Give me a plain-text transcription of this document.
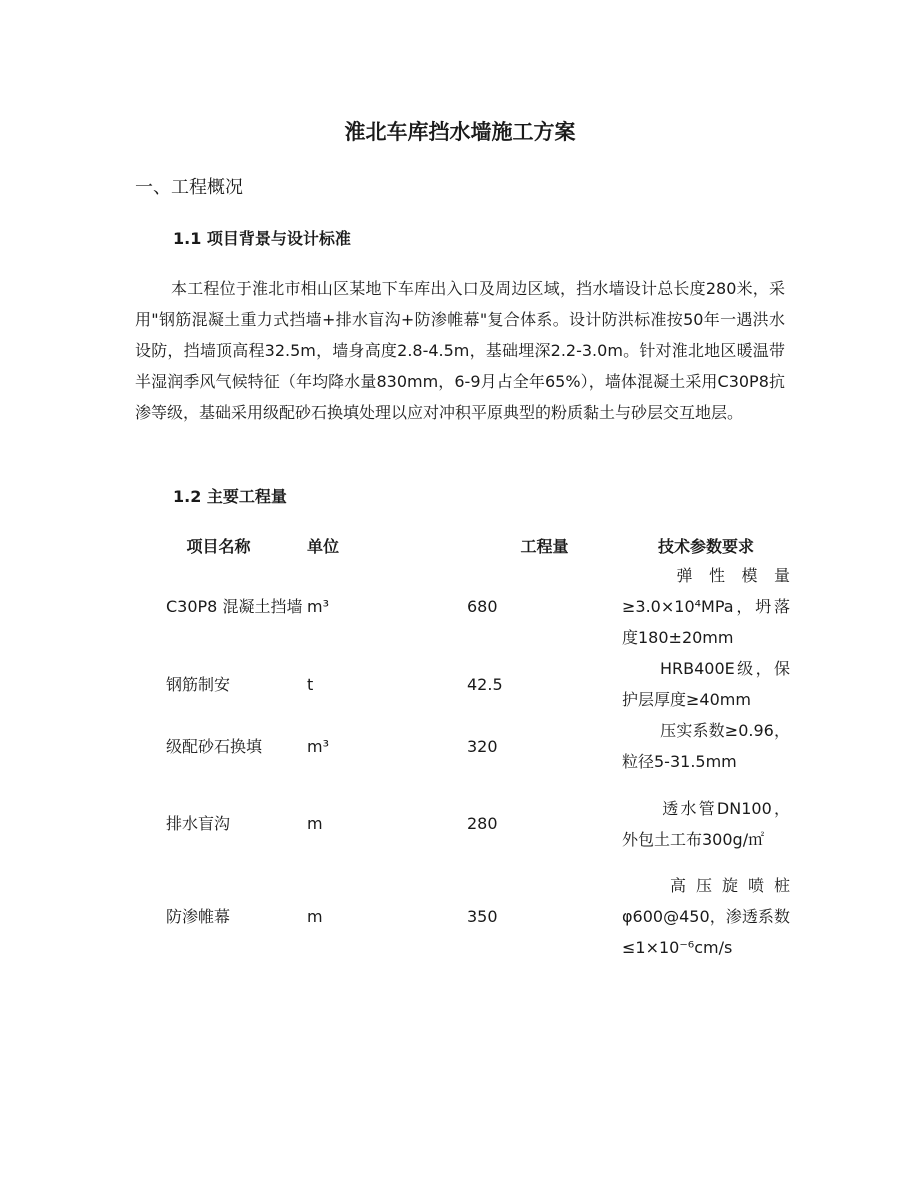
淮北车库挡水墙施工方案
一、工程概况
1.1 项目背景与设计标准

本工程位于淮北市相山区某地下车库出入口及周边区域，挡水墙设计总长度280米，采用"钢筋混凝土重力式挡墙+排水盲沟+防渗帷幕"复合体系。设计防洪标准按50年一遇洪水设防，挡墙顶高程32.5m，墙身高度2.8-4.5m，基础埋深2.2-3.0m。针对淮北地区暖温带半湿润季风气候特征（年均降水量830mm，6-9月占全年65%），墙体混凝土采用C30P8抗渗等级，基础采用级配砂石换填处理以应对冲积平原典型的粉质黏土与砂层交互地层。

1.2 主要工程量
项目名称	单位	工程量	技术参数要求
C30P8 混凝土挡墙	m³	680	弹性模量≥3.0×10⁴MPa，坍落度180±20mm
钢筋制安	t	42.5	HRB400E级，保护层厚度≥40mm
级配砂石换填	m³	320	压实系数≥0.96，粒径5-31.5mm
排水盲沟	m	280	透水管DN100，外包土工布300g/㎡
防渗帷幕	m	350	高压旋喷桩φ600@450，渗透系数≤1×10⁻⁶cm/s
